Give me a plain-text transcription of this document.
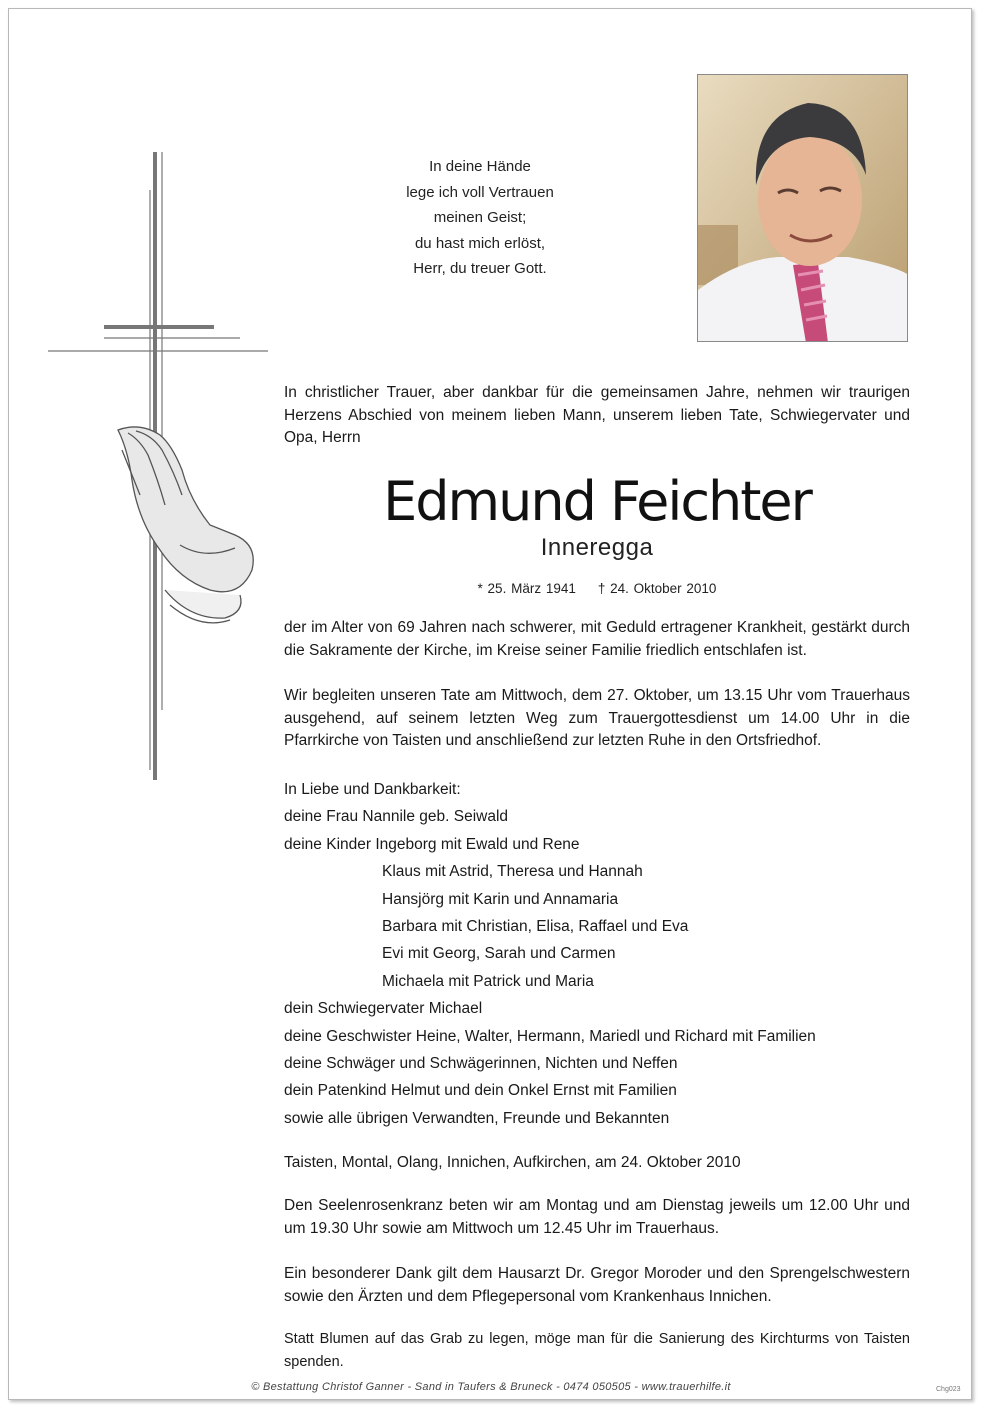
In deine Hände
lege ich voll Vertrauen
meinen Geist;
du hast mich erlöst,
Herr, du treuer Gott.
In christlicher Trauer, aber dankbar für die gemeinsamen Jahre, nehmen wir traurigen Herzens Abschied von meinem lieben Mann, unserem lieben Tate, Schwiegervater und Opa, Herrn
Edmund Feichter
Inneregga
* 25. März 1941 † 24. Oktober 2010
der im Alter von 69 Jahren nach schwerer, mit Geduld ertragener Krankheit, gestärkt durch die Sakramente der Kirche, im Kreise seiner Familie friedlich entschlafen ist.
Wir begleiten unseren Tate am Mittwoch, dem 27. Oktober, um 13.15 Uhr vom Trauerhaus ausgehend, auf seinem letzten Weg zum Trauergottesdienst um 14.00 Uhr in die Pfarrkirche von Taisten und anschließend zur letzten Ruhe in den Ortsfriedhof.
In Liebe und Dankbarkeit:
deine Frau Nannile geb. Seiwald
deine Kinder Ingeborg mit Ewald und Rene
Klaus mit Astrid, Theresa und Hannah
Hansjörg mit Karin und Annamaria
Barbara mit Christian, Elisa, Raffael und Eva
Evi mit Georg, Sarah und Carmen
Michaela mit Patrick und Maria
dein Schwiegervater Michael
deine Geschwister Heine, Walter, Hermann, Mariedl und Richard mit Familien
deine Schwäger und Schwägerinnen, Nichten und Neffen
dein Patenkind Helmut und dein Onkel Ernst mit Familien
sowie alle übrigen Verwandten, Freunde und Bekannten
Taisten, Montal, Olang, Innichen, Aufkirchen, am 24. Oktober 2010
Den Seelenrosenkranz beten wir am Montag und am Dienstag jeweils um 12.00 Uhr und um 19.30 Uhr sowie am Mittwoch um 12.45 Uhr im Trauerhaus.
Ein besonderer Dank gilt dem Hausarzt Dr. Gregor Moroder und den Sprengelschwestern sowie den Ärzten und dem Pflegepersonal vom Krankenhaus Innichen.
Statt Blumen auf das Grab zu legen, möge man für die Sanierung des Kirchturms von Taisten spenden.
© Bestattung Christof Ganner - Sand in Taufers & Bruneck - 0474 050505 - www.trauerhilfe.it	Chg023
